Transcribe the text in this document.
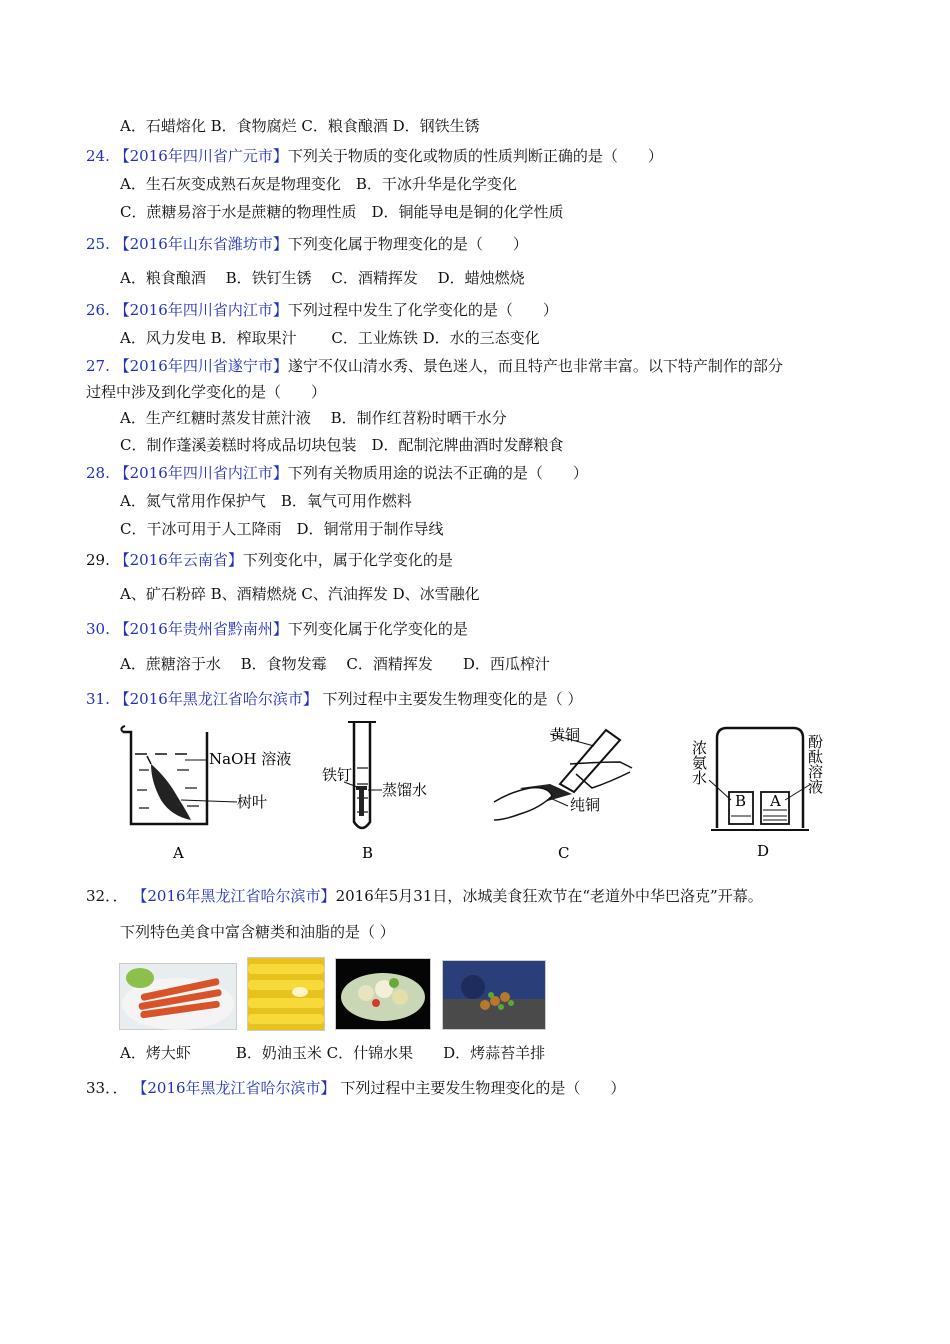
A．石蜡熔化 B．食物腐烂 C．粮食酿酒 D．钢铁生锈
24. 【2016年四川省广元市】下列关于物质的变化或物质的性质判断正确的是（　　）
A．生石灰变成熟石灰是物理变化　B．干冰升华是化学变化
C．蔗糖易溶于水是蔗糖的物理性质　D．铜能导电是铜的化学性质
25. 【2016年山东省潍坊市】下列变化属于物理变化的是（　　）
A．粮食酿酒　 B．铁钉生锈　 C．酒精挥发　 D．蜡烛燃烧
26. 【2016年四川省内江市】下列过程中发生了化学变化的是（　　）
A．风力发电 B．榨取果汁　　 C．工业炼铁 D．水的三态变化
27. 【2016年四川省遂宁市】遂宁不仅山清水秀、景色迷人，而且特产也非常丰富。以下特产制作的部分
过程中涉及到化学变化的是（　　）
A．生产红糖时蒸发甘蔗汁液　 B．制作红苕粉时晒干水分
C．制作蓬溪姜糕时将成品切块包装　D．配制沱牌曲酒时发酵粮食
28. 【2016年四川省内江市】下列有关物质用途的说法不正确的是（　　）
A．氮气常用作保护气　B．氧气可用作燃料
C．干冰可用于人工降雨　D．铜常用于制作导线
29. 【2016年云南省】下列变化中，属于化学变化的是
A、矿石粉碎 B、酒精燃烧 C、汽油挥发 D、冰雪融化
30. 【2016年贵州省黔南州】下列变化属于化学变化的是
A．蔗糖溶于水　 B．食物发霉　 C．酒精挥发　　D．西瓜榨汁
31. 【2016年黑龙江省哈尔滨市】 下列过程中主要发生物理变化的是（ ）
NaOH 溶液
树叶
A
铁钉
蒸馏水
B
黄铜
纯铜
C
B A
浓氨水	酚酞溶液
D
32．． 【2016年黑龙江省哈尔滨市】2016年5月31日，冰城美食狂欢节在“老道外中华巴洛克”开幕。
下列特色美食中富含糖类和油脂的是（ ）
A．烤大虾　　　B．奶油玉米 C．什锦水果　　D．烤蒜苔羊排
33．． 【2016年黑龙江省哈尔滨市】 下列过程中主要发生物理变化的是（　　）
